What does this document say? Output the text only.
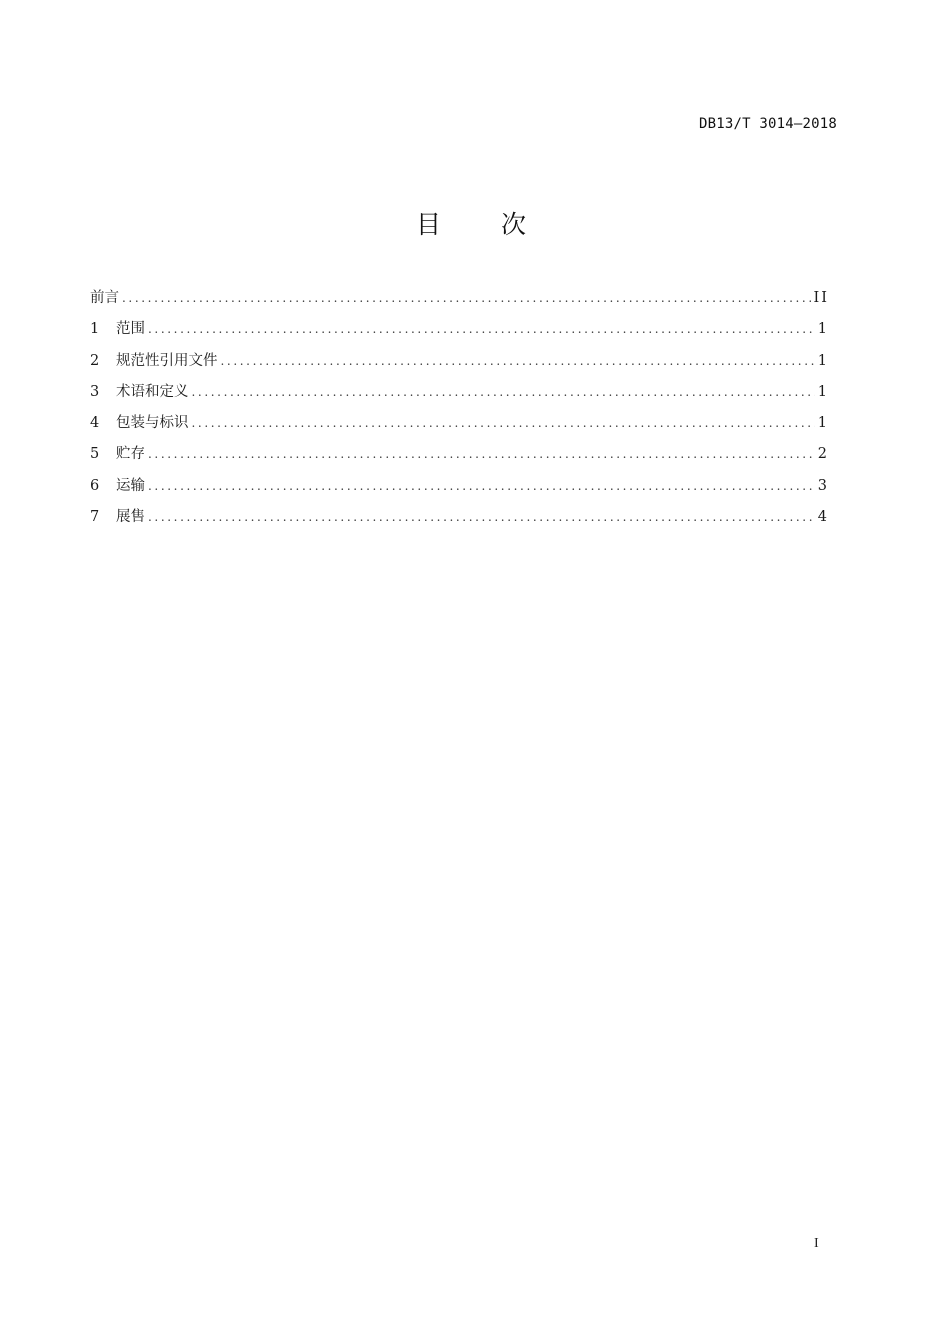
DB13/T 3014—2018
目 次
前言 .....	II
1	范围 .....	1
2	规范性引用文件 .....	1
3	术语和定义 .....	1
4	包装与标识 .....	1
5	贮存 .....	2
6	运输 .....	3
7	展售 .....	4
I
